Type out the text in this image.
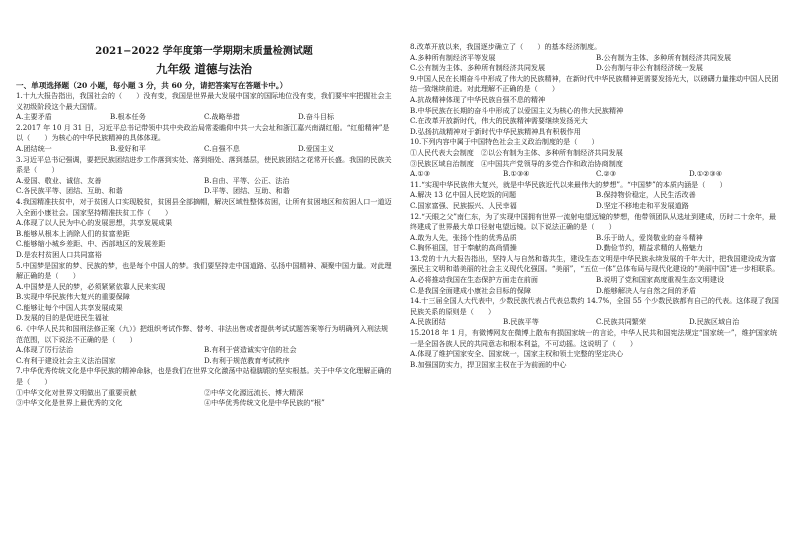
2021−2022 学年度第一学期期末质量检测试题
九年级 道德与法治
一、单项选择题（20 小题，每小题 3 分，共 60 分，请把答案写在答题卡中。）
1.十九大报告指出，我国社会的（　　）没有变，我国是世界最大发展中国家的国际地位没有变，我们要牢牢把握社会主义初级阶段这个最大国情。
A.主要矛盾	B.根本任务	C.战略举措	D.奋斗目标
2.2017 年 10 月 31 日，习近平总书记带领中共中央政治局常委瞻仰中共一大会址和浙江嘉兴南湖红船。“红船精神”是以（　　）为核心的中华民族精神的具体体现。
A.团结统一	B.爱好和平	C.自强不息	D.爱国主义
3.习近平总书记强调，要把民族团结进步工作落到实处、落到细处、落到基层，使民族团结之花常开长盛。我国的民族关系是（　　）
A.爱国、敬业、诚信、友善	B.自由、平等、公正、法治
C.各民族平等、团结、互助、和谐	D.平等、团结、互助、和谐
4.我国精准扶贫中，对于贫困人口实现脱贫，贫困县全部摘帽，解决区域性整体贫困，让所有贫困地区和贫困人口一道迈入全面小康社会。国家坚持精准扶贫工作（　　）
A.体现了以人民为中心的发展思想，共享发展成果
B.能够从根本上消除人们的贫富差距
C.能够缩小城乡差距、中、西部地区的发展差距
D.是农村贫困人口共同富裕
5.中国梦是国家的梦、民族的梦，也是每个中国人的梦。我们要坚持走中国道路、弘扬中国精神、凝聚中国力量。对此理解正确的是（　　）
A.中国梦是人民的梦，必须紧紧依靠人民来实现
B.实现中华民族伟大复兴的重要保障
C.能够让每个中国人共享发展成果
D.发展的目的是促进民生福祉
6.《中华人民共和国刑法修正案（九）》把组织考试作弊、替考、非法出售或者提供考试试题答案等行为明确列入刑法规范范围，以下说法不正确的是（　　）
A.体现了厉行法治	B.有利于营造诚实守信的社会
C.有利于建设社会主义法治国家	D.有利于规范教育考试秩序
7.中华优秀传统文化是中华民族的精神命脉，也是我们在世界文化激荡中站稳脚跟的坚实根基。关于中华文化理解正确的是（　　）
①中华文化对世界文明做出了重要贡献	②中华文化源远流长、博大精深
③中华文化是世界上最优秀的文化	④中华优秀传统文化是中华民族的“根”
8.改革开放以来，我国逐步确立了（　　）的基本经济制度。
A.多种所有制经济平等发展	B.公有制为主体、多种所有制经济共同发展
C.公有制为主体、多种所有制经济共同发展	D.公有制与非公有制经济统一发展
9.中国人民在长期奋斗中形成了伟大的民族精神，在新时代中华民族精神更需要发扬光大，以磅礴力量推动中国人民团结一致继续前进。对此理解不正确的是（　　）
A.抗战精神体现了中华民族自强不息的精神
B.中华民族在长期的奋斗中形成了以爱国主义为核心的伟大民族精神
C.在改革开放新时代，伟大的民族精神需要继续发扬光大
D.弘扬抗战精神对于新时代中华民族精神具有积极作用
10.下列内容中属于中国特色社会主义政治制度的是（　　）
①人民代表大会制度　②以公有制为主体、多种所有制经济共同发展
③民族区域自治制度　④中国共产党领导的多党合作和政治协商制度
A.①③	B.①③④	C.②③	D.①②③④
11.“实现中华民族伟大复兴，就是中华民族近代以来最伟大的梦想”。“中国梦”的本质内涵是（　　）
A.解决 13 亿中国人民吃饭的问题	B.保持物价稳定，人民生活改善
C.国家富强、民族振兴、人民幸福	D.坚定不移地走和平发展道路
12.“天眼之父”南仁东，为了实现中国拥有世界一流射电望远镜的梦想，他带领团队从选址到建成，历时二十余年，最终建成了世界最大单口径射电望远镜。以下说法正确的是（　　）
A.敢为人先，张扬个性的优秀品质	B.乐于助人，爱岗敬业的奋斗精神
C.胸怀祖国，甘于奉献的高尚情操	D.勤俭节约，精益求精的人格魅力
13.党的十九大报告指出，坚持人与自然和谐共生，建设生态文明是中华民族永续发展的千年大计，把我国建设成为富强民主文明和谐美丽的社会主义现代化强国。“美丽”，“五位一体”总体布局与现代化建设的“美丽中国”进一步相联系。
A.必将推动我国在生态保护方面走在前面	B.说明了党和国家高度重视生态文明建设
C.是我国全面建成小康社会目标的保障	D.能够解决人与自然之间的矛盾
14.十三届全国人大代表中，少数民族代表占代表总数约 14.7%，全国 55 个少数民族都有自己的代表。这体现了我国民族关系的原则是（　　）
A.民族团结	B.民族平等	C.民族共同繁荣	D.民族区域自治
15.2018 年 1 月，有微博网友在微博上散布有损国家统一的言论，中华人民共和国宪法规定“国家统一”，维护国家统一是全国各族人民的共同意志和根本利益，不可动摇。这说明了（　　）
A.体现了维护国家安全、国家统一，国家主权和领土完整的坚定决心
B.加强国防实力，捍卫国家主权在于为前面的中心
